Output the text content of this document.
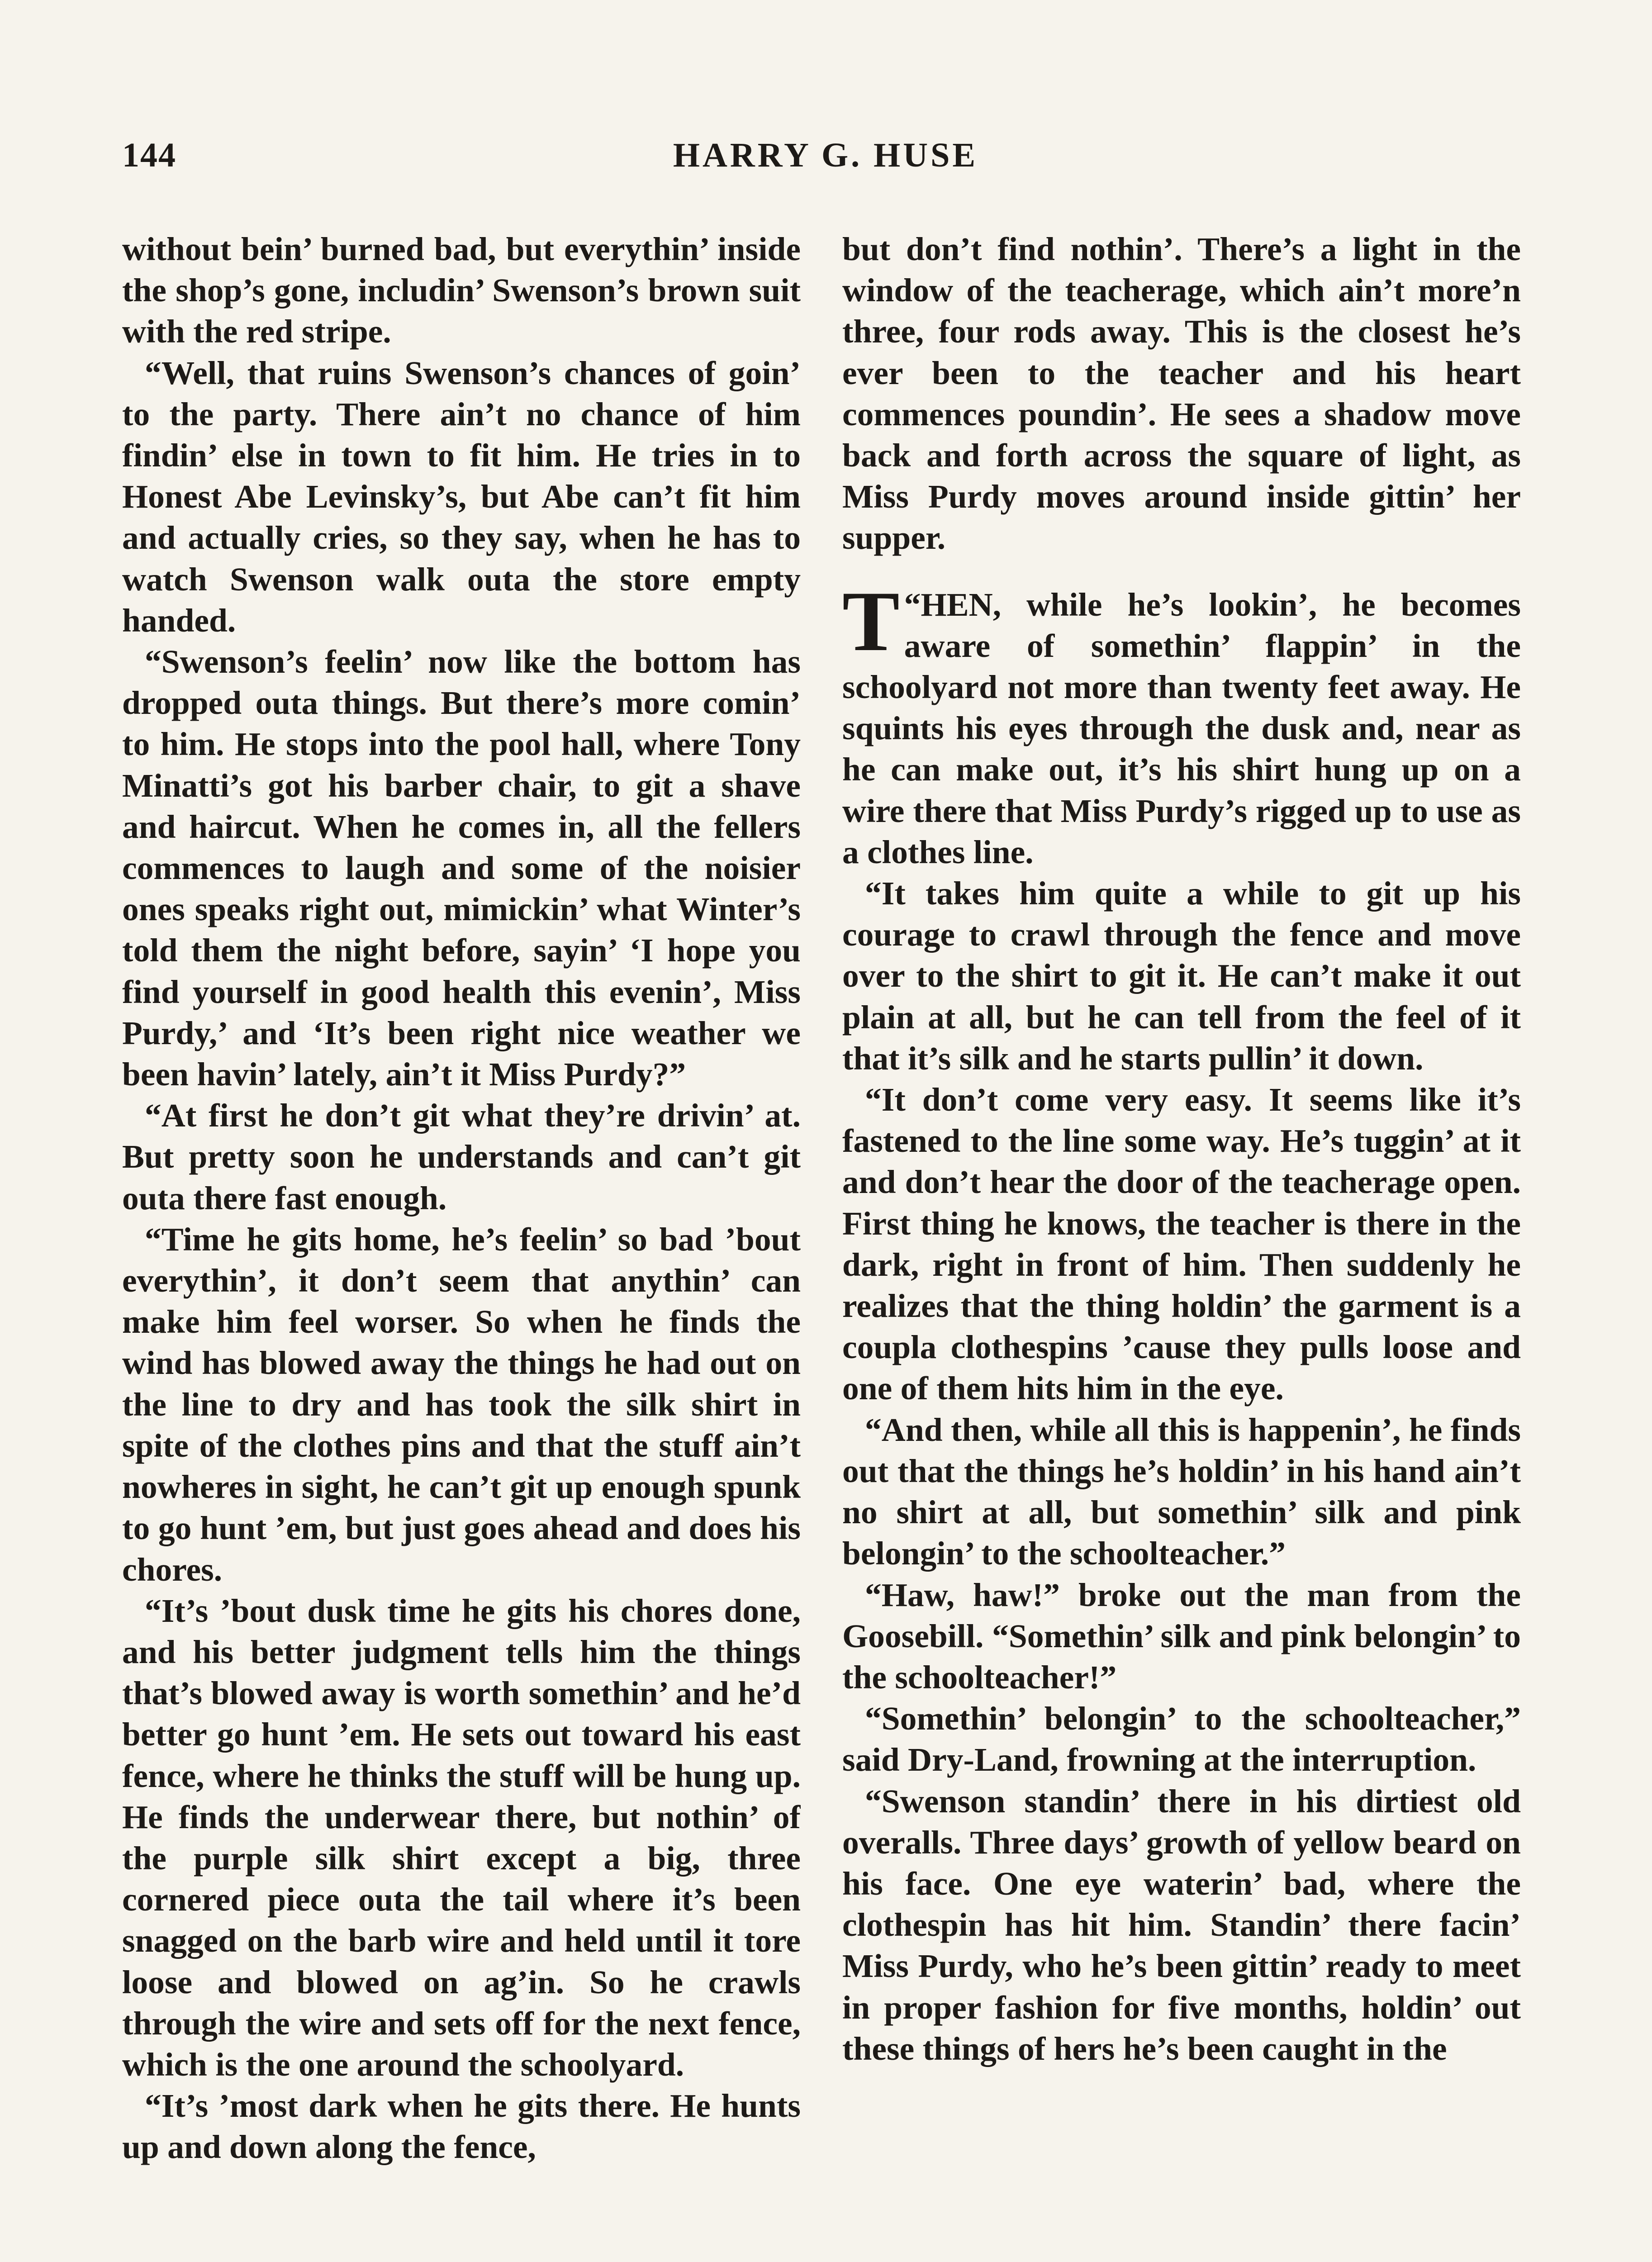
144	HARRY G. HUSE

without bein’ burned bad, but everythin’ inside the shop’s gone, includin’ Swenson’s brown suit with the red stripe.

“Well, that ruins Swenson’s chances of goin’ to the party. There ain’t no chance of him findin’ else in town to fit him. He tries in to Honest Abe Levinsky’s, but Abe can’t fit him and actually cries, so they say, when he has to watch Swenson walk outa the store empty handed.

“Swenson’s feelin’ now like the bottom has dropped outa things. But there’s more comin’ to him. He stops into the pool hall, where Tony Minatti’s got his barber chair, to git a shave and haircut. When he comes in, all the fellers commences to laugh and some of the noisier ones speaks right out, mimickin’ what Winter’s told them the night before, sayin’ ‘I hope you find yourself in good health this evenin’, Miss Purdy,’ and ‘It’s been right nice weather we been havin’ lately, ain’t it Miss Purdy?”

“At first he don’t git what they’re drivin’ at. But pretty soon he understands and can’t git outa there fast enough.

“Time he gits home, he’s feelin’ so bad ’bout everythin’, it don’t seem that anythin’ can make him feel worser. So when he finds the wind has blowed away the things he had out on the line to dry and has took the silk shirt in spite of the clothes pins and that the stuff ain’t nowheres in sight, he can’t git up enough spunk to go hunt ’em, but just goes ahead and does his chores.

“It’s ’bout dusk time he gits his chores done, and his better judgment tells him the things that’s blowed away is worth somethin’ and he’d better go hunt ’em. He sets out toward his east fence, where he thinks the stuff will be hung up. He finds the underwear there, but nothin’ of the purple silk shirt except a big, three cornered piece outa the tail where it’s been snagged on the barb wire and held until it tore loose and blowed on ag’in. So he crawls through the wire and sets off for the next fence, which is the one around the schoolyard.

“It’s ’most dark when he gits there. He hunts up and down along the fence,

but don’t find nothin’. There’s a light in the window of the teacherage, which ain’t more’n three, four rods away. This is the closest he’s ever been to the teacher and his heart commences poundin’. He sees a shadow move back and forth across the square of light, as Miss Purdy moves around inside gittin’ her supper.

“
T HEN, while he’s lookin’, he becomes aware of somethin’ flappin’ in the schoolyard not more than twenty feet away. He squints his eyes through the dusk and, near as he can make out, it’s his shirt hung up on a wire there that Miss Purdy’s rigged up to use as a clothes line.

“It takes him quite a while to git up his courage to crawl through the fence and move over to the shirt to git it. He can’t make it out plain at all, but he can tell from the feel of it that it’s silk and he starts pullin’ it down.

“It don’t come very easy. It seems like it’s fastened to the line some way. He’s tuggin’ at it and don’t hear the door of the teacherage open. First thing he knows, the teacher is there in the dark, right in front of him. Then suddenly he realizes that the thing holdin’ the garment is a coupla clothespins ’cause they pulls loose and one of them hits him in the eye.

“And then, while all this is happenin’, he finds out that the things he’s holdin’ in his hand ain’t no shirt at all, but somethin’ silk and pink belongin’ to the schoolteacher.”

“Haw, haw!” broke out the man from the Goosebill. “Somethin’ silk and pink belongin’ to the schoolteacher!”

“Somethin’ belongin’ to the schoolteacher,” said Dry-Land, frowning at the interruption.

“Swenson standin’ there in his dirtiest old overalls. Three days’ growth of yellow beard on his face. One eye waterin’ bad, where the clothespin has hit him. Standin’ there facin’ Miss Purdy, who he’s been gittin’ ready to meet in proper fashion for five months, holdin’ out these things of hers he’s been caught in the
